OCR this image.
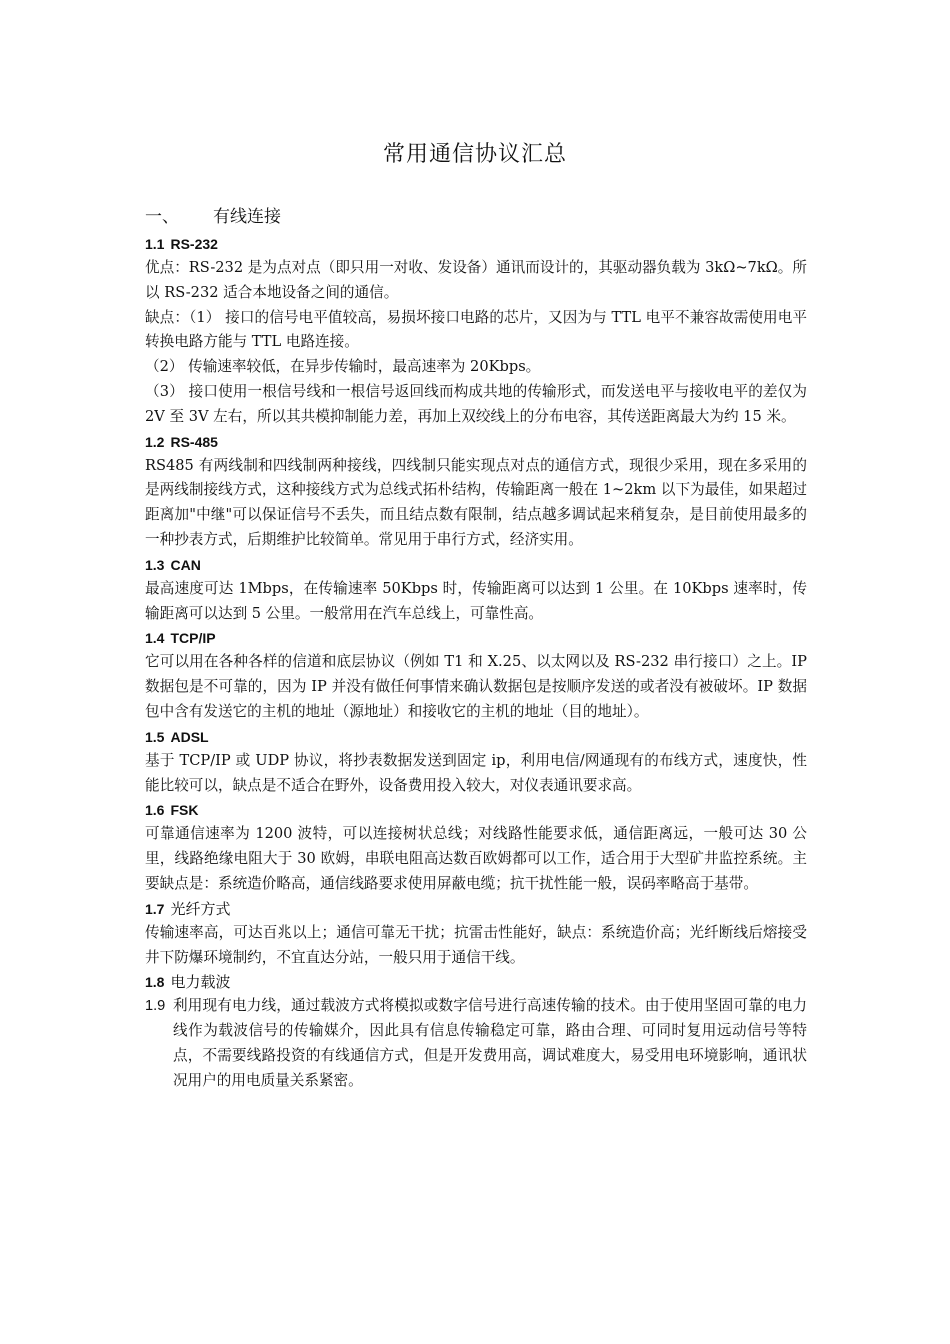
常用通信协议汇总
一、 有线连接
1.1 RS-232

优点：RS-232 是为点对点（即只用一对收、发设备）通讯而设计的，其驱动器负载为 3kΩ~7kΩ。所以 RS-232 适合本地设备之间的通信。

缺点：（1） 接口的信号电平值较高，易损坏接口电路的芯片，又因为与 TTL 电平不兼容故需使用电平转换电路方能与 TTL 电路连接。

（2） 传输速率较低，在异步传输时，最高速率为 20Kbps。

（3） 接口使用一根信号线和一根信号返回线而构成共地的传输形式，而发送电平与接收电平的差仅为 2V 至 3V 左右，所以其共模抑制能力差，再加上双绞线上的分布电容，其传送距离最大为约 15 米。

1.2 RS-485

RS485 有两线制和四线制两种接线，四线制只能实现点对点的通信方式，现很少采用，现在多采用的是两线制接线方式，这种接线方式为总线式拓朴结构，传输距离一般在 1~2km 以下为最佳，如果超过距离加"中继"可以保证信号不丢失，而且结点数有限制，结点越多调试起来稍复杂，是目前使用最多的一种抄表方式，后期维护比较简单。常见用于串行方式，经济实用。

1.3 CAN

最高速度可达 1Mbps，在传输速率 50Kbps 时，传输距离可以达到 1 公里。在 10Kbps 速率时，传输距离可以达到 5 公里。一般常用在汽车总线上，可靠性高。

1.4 TCP/IP

它可以用在各种各样的信道和底层协议（例如 T1 和 X.25、以太网以及 RS-232 串行接口）之上。IP 数据包是不可靠的，因为 IP 并没有做任何事情来确认数据包是按顺序发送的或者没有被破坏。IP 数据包中含有发送它的主机的地址（源地址）和接收它的主机的地址（目的地址）。

1.5 ADSL

基于 TCP/IP 或 UDP 协议，将抄表数据发送到固定 ip，利用电信/网通现有的布线方式，速度快，性能比较可以，缺点是不适合在野外，设备费用投入较大，对仪表通讯要求高。

1.6 FSK

可靠通信速率为 1200 波特，可以连接树状总线；对线路性能要求低，通信距离远，一般可达 30 公里，线路绝缘电阻大于 30 欧姆，串联电阻高达数百欧姆都可以工作，适合用于大型矿井监控系统。主要缺点是：系统造价略高，通信线路要求使用屏蔽电缆；抗干扰性能一般，误码率略高于基带。

1.7 光纤方式

传输速率高，可达百兆以上；通信可靠无干扰；抗雷击性能好，缺点：系统造价高；光纤断线后熔接受井下防爆环境制约，不宜直达分站，一般只用于通信干线。

1.8 电力载波
1.9 利用现有电力线，通过载波方式将模拟或数字信号进行高速传输的技术。由于使用坚固可靠的电力线作为载波信号的传输媒介，因此具有信息传输稳定可靠，路由合理、可同时复用远动信号等特点，不需要线路投资的有线通信方式，但是开发费用高，调试难度大，易受用电环境影响，通讯状况用户的用电质量关系紧密。
